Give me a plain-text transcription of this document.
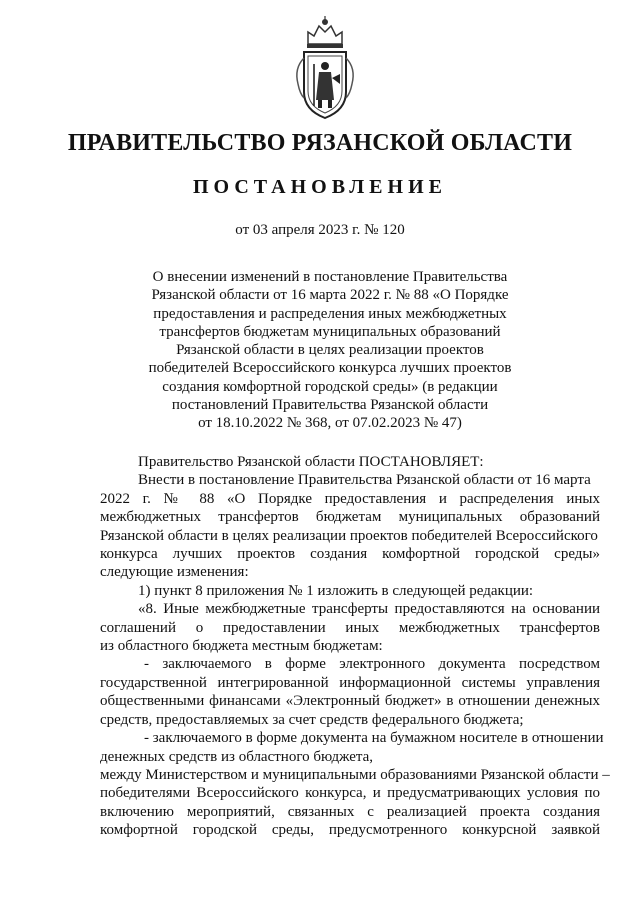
ПРАВИТЕЛЬСТВО РЯЗАНСКОЙ ОБЛАСТИ
ПОСТАНОВЛЕНИЕ
от 03 апреля 2023 г. № 120
О внесении изменений в постановление Правительства
Рязанской области от 16 марта 2022 г. № 88 «О Порядке
предоставления и распределения иных межбюджетных
трансфертов бюджетам муниципальных образований
Рязанской области в целях реализации проектов
победителей Всероссийского конкурса лучших проектов
создания комфортной городской среды» (в редакции
постановлений Правительства Рязанской области
от 18.10.2022 № 368, от 07.02.2023 № 47)
Правительство Рязанской области ПОСТАНОВЛЯЕТ:
Внести в постановление Правительства Рязанской области от 16 марта
2022 г. № 88 «О Порядке предоставления и распределения иных
межбюджетных трансфертов бюджетам муниципальных образований
Рязанской области в целях реализации проектов победителей Всероссийского
конкурса лучших проектов создания комфортной городской среды»
следующие изменения:
1) пункт 8 приложения № 1 изложить в следующей редакции:
«8. Иные межбюджетные трансферты предоставляются на основании
соглашений о предоставлении иных межбюджетных трансфертов
из областного бюджета местным бюджетам:
- заключаемого в форме электронного документа посредством
государственной интегрированной информационной системы управления
общественными финансами «Электронный бюджет» в отношении денежных
средств, предоставляемых за счет средств федерального бюджета;
- заключаемого в форме документа на бумажном носителе в отношении
денежных средств из областного бюджета,
между Министерством и муниципальными образованиями Рязанской области –
победителями Всероссийского конкурса, и предусматривающих условия по
включению мероприятий, связанных с реализацией проекта создания
комфортной городской среды, предусмотренного конкурсной заявкой
